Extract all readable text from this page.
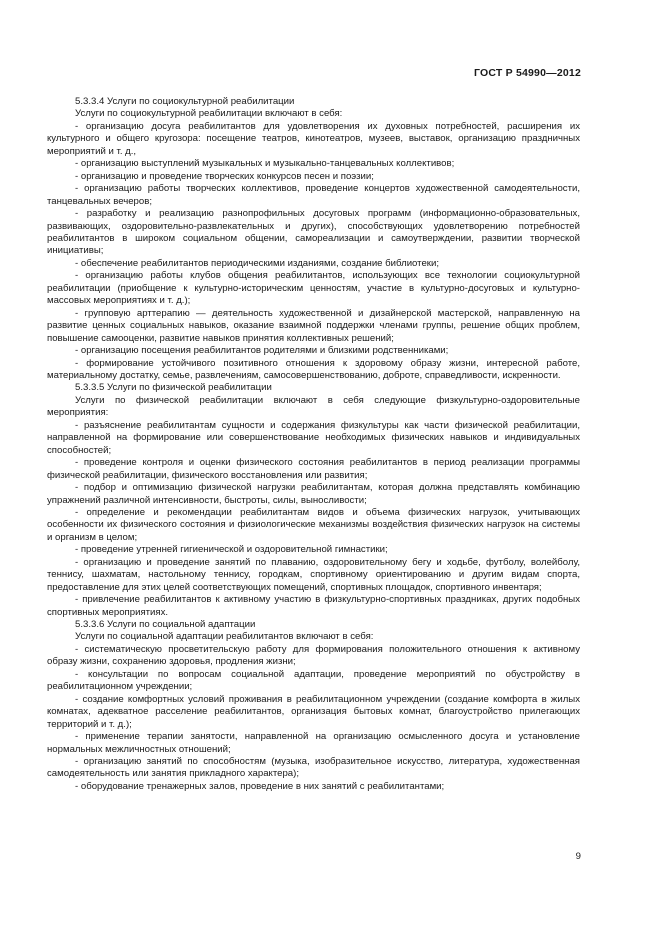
ГОСТ Р 54990—2012

5.3.3.4 Услуги по социокультурной реабилитации

Услуги по социокультурной реабилитации включают в себя:

- организацию досуга реабилитантов для удовлетворения их духовных потребностей, расширения их культурного и общего кругозора: посещение театров, кинотеатров, музеев, выставок, организацию праздничных мероприятий и т. д.,

- организацию выступлений музыкальных и музыкально-танцевальных коллективов;

- организацию и проведение творческих конкурсов песен и поэзии;

- организацию работы творческих коллективов, проведение концертов художественной самодеятельности, танцевальных вечеров;

- разработку и реализацию разнопрофильных досуговых программ (информационно-образовательных, развивающих, оздоровительно-развлекательных и других), способствующих удовлетворению потребностей реабилитантов в широком социальном общении, самореализации и самоутверждении, развитии творческой инициативы;

- обеспечение реабилитантов периодическими изданиями, создание библиотеки;

- организацию работы клубов общения реабилитантов, использующих все технологии социокультурной реабилитации (приобщение к культурно-историческим ценностям, участие в культурно-досуговых и культурно-массовых мероприятиях и т. д.);

- групповую арттерапию — деятельность художественной и дизайнерской мастерской, направленную на развитие ценных социальных навыков, оказание взаимной поддержки членами группы, решение общих проблем, повышение самооценки, развитие навыков принятия коллективных решений;

- организацию посещения реабилитантов родителями и близкими родственниками;

- формирование устойчивого позитивного отношения к здоровому образу жизни, интересной работе, материальному достатку, семье, развлечениям, самосовершенствованию, доброте, справедливости, искренности.

5.3.3.5 Услуги по физической реабилитации

Услуги по физической реабилитации включают в себя следующие физкультурно-оздоровительные мероприятия:

- разъяснение реабилитантам сущности и содержания физкультуры как части физической реабилитации, направленной на формирование или совершенствование необходимых физических навыков и индивидуальных способностей;

- проведение контроля и оценки физического состояния реабилитантов в период реализации программы физической реабилитации, физического восстановления или развития;

- подбор и оптимизацию физической нагрузки реабилитантам, которая должна представлять комбинацию упражнений различной интенсивности, быстроты, силы, выносливости;

- определение и рекомендации реабилитантам видов и объема физических нагрузок, учитывающих особенности их физического состояния и физиологические механизмы воздействия физических нагрузок на системы и организм в целом;

- проведение утренней гигиенической и оздоровительной гимнастики;

- организацию и проведение занятий по плаванию, оздоровительному бегу и ходьбе, футболу, волейболу, теннису, шахматам, настольному теннису, городкам, спортивному ориентированию и другим видам спорта, предоставление для этих целей соответствующих помещений, спортивных площадок, спортивного инвентаря;

- привлечение реабилитантов к активному участию в физкультурно-спортивных праздниках, других подобных спортивных мероприятиях.

5.3.3.6 Услуги по социальной адаптации

Услуги по социальной адаптации реабилитантов включают в себя:

- систематическую просветительскую работу для формирования положительного отношения к активному образу жизни, сохранению здоровья, продления жизни;

- консультации по вопросам социальной адаптации, проведение мероприятий по обустройству в реабилитационном учреждении;

- создание комфортных условий проживания в реабилитационном учреждении (создание комфорта в жилых комнатах, адекватное расселение реабилитантов, организация бытовых комнат, благоустройство прилегающих территорий и т. д.);

- применение терапии занятости, направленной на организацию осмысленного досуга и установление нормальных межличностных отношений;

- организацию занятий по способностям (музыка, изобразительное искусство, литература, художественная самодеятельность или занятия прикладного характера);

- оборудование тренажерных залов, проведение в них занятий с реабилитантами;

9
